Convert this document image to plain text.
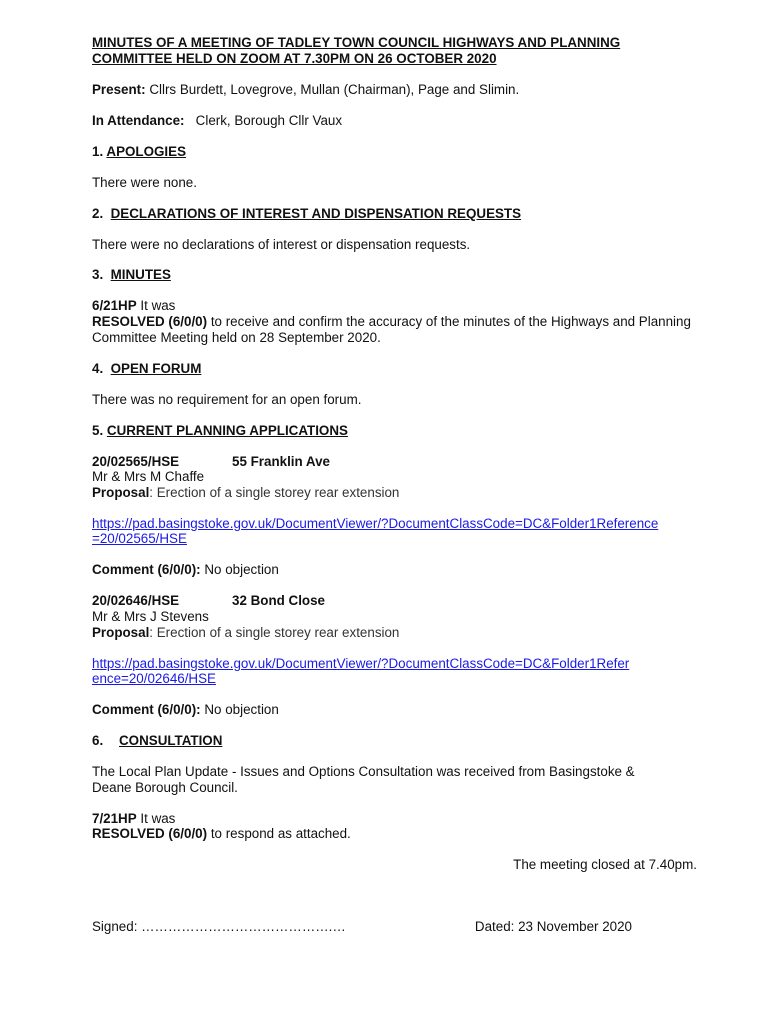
MINUTES OF A MEETING OF TADLEY TOWN COUNCIL HIGHWAYS AND PLANNING
COMMITTEE HELD ON ZOOM AT 7.30PM ON 26 OCTOBER 2020

Present: Cllrs Burdett, Lovegrove, Mullan (Chairman), Page and Slimin.

In Attendance: Clerk, Borough Cllr Vaux

1. APOLOGIES

There were none.

2. DECLARATIONS OF INTEREST AND DISPENSATION REQUESTS

There were no declarations of interest or dispensation requests.

3. MINUTES

6/21HP It was
RESOLVED (6/0/0) to receive and confirm the accuracy of the minutes of the Highways and Planning Committee Meeting held on 28 September 2020.

4. OPEN FORUM

There was no requirement for an open forum.

5. CURRENT PLANNING APPLICATIONS

20/02565/HSE	55 Franklin Ave
Mr & Mrs M Chaffe
Proposal: Erection of a single storey rear extension

https://pad.basingstoke.gov.uk/DocumentViewer/?DocumentClassCode=DC&Folder1Reference
=20/02565/HSE

Comment (6/0/0): No objection

20/02646/HSE	32 Bond Close
Mr & Mrs J Stevens
Proposal: Erection of a single storey rear extension

https://pad.basingstoke.gov.uk/DocumentViewer/?DocumentClassCode=DC&Folder1Refer
ence=20/02646/HSE

Comment (6/0/0): No objection

6. CONSULTATION

The Local Plan Update - Issues and Options Consultation was received from Basingstoke & Deane Borough Council.

7/21HP It was
RESOLVED (6/0/0) to respond as attached.

The meeting closed at 7.40pm.

Signed: …………………………………….…	Dated: 23 November 2020
